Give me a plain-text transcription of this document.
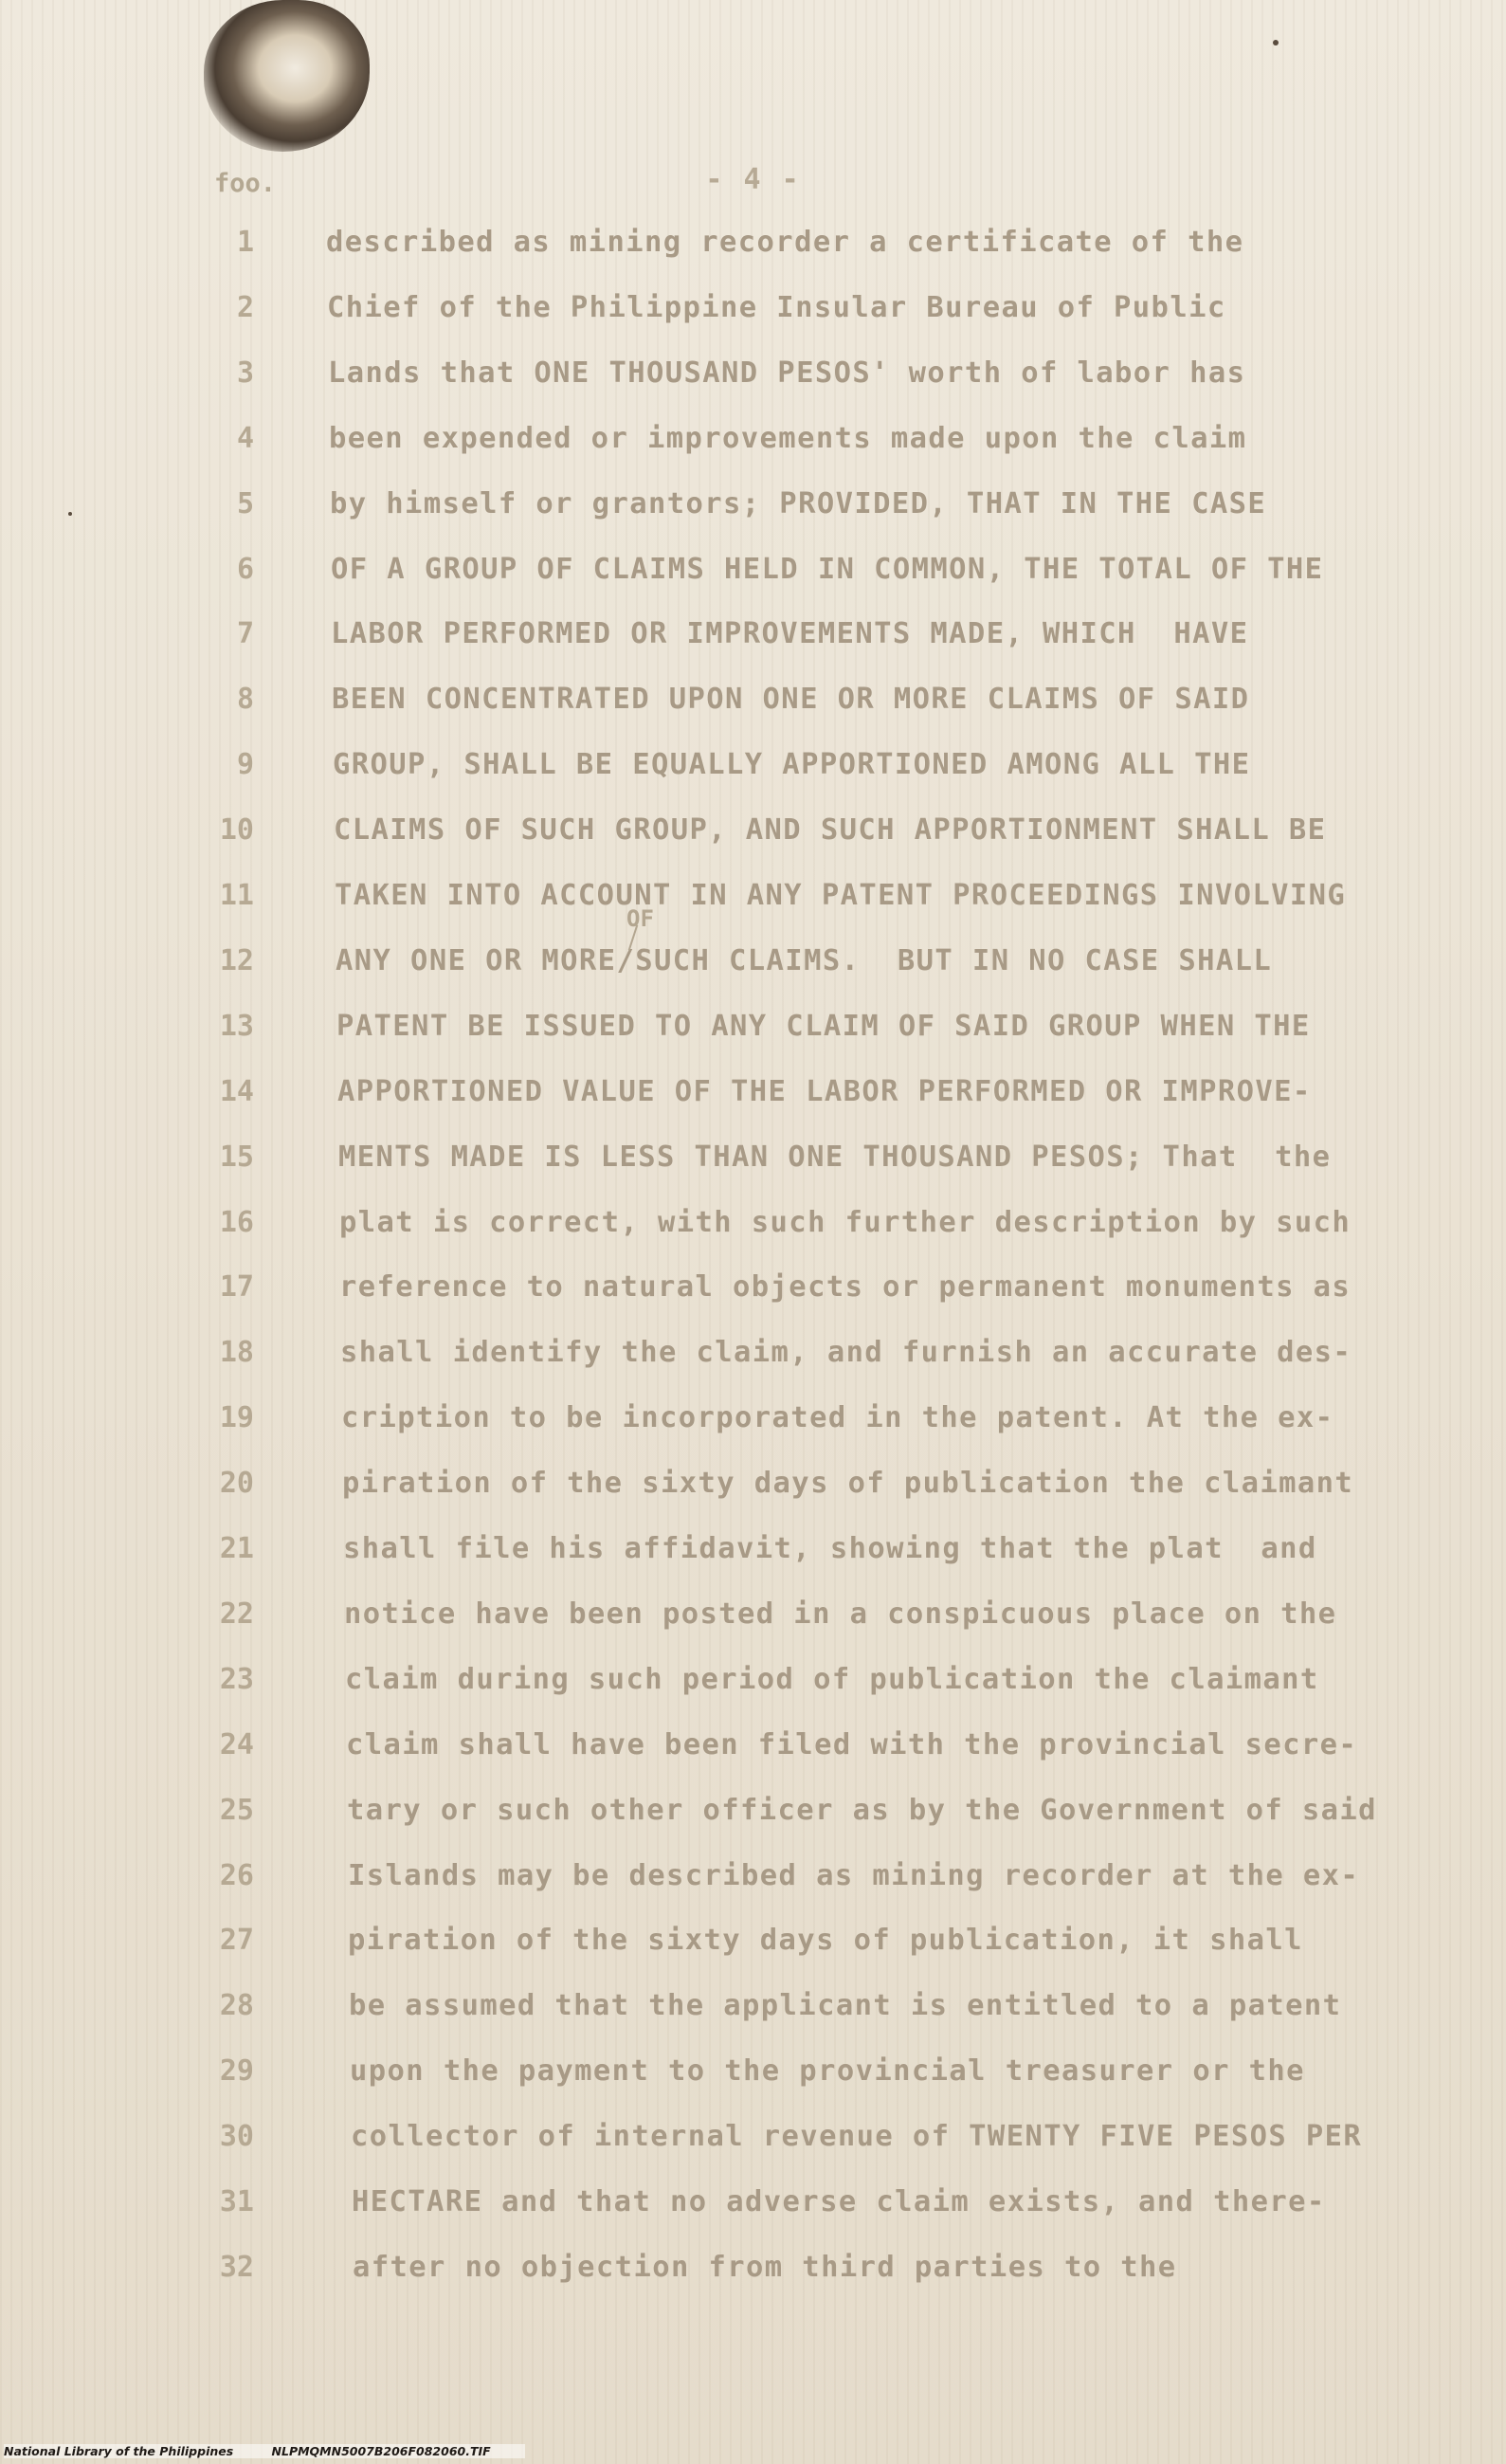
foo.	- 4 -
1 described as mining recorder a certificate of the
2	Chief of the Philippine Insular Bureau of Public
3	Lands that ONE THOUSAND PESOS' worth of labor has
4	been expended or improvements made upon the claim
5	by himself or grantors; PROVIDED, THAT IN THE CASE
6	OF A GROUP OF CLAIMS HELD IN COMMON, THE TOTAL OF THE
7	LABOR PERFORMED OR IMPROVEMENTS MADE, WHICH  HAVE
8	BEEN CONCENTRATED UPON ONE OR MORE CLAIMS OF SAID
9	GROUP, SHALL BE EQUALLY APPORTIONED AMONG ALL THE
10	CLAIMS OF SUCH GROUP, AND SUCH APPORTIONMENT SHALL BE
11	TAKEN INTO ACCOUNT IN ANY PATENT PROCEEDINGS INVOLVING
12	ANY ONE OR MORE/SUCH CLAIMS.  BUT IN NO CASE SHALL
13	PATENT BE ISSUED TO ANY CLAIM OF SAID GROUP WHEN THE
14	APPORTIONED VALUE OF THE LABOR PERFORMED OR IMPROVE-
15	MENTS MADE IS LESS THAN ONE THOUSAND PESOS; That  the
16	plat is correct, with such further description by such
17	reference to natural objects or permanent monuments as
18	shall identify the claim, and furnish an accurate des-
19	cription to be incorporated in the patent. At the ex-
20	piration of the sixty days of publication the claimant
21	shall file his affidavit, showing that the plat  and
22	notice have been posted in a conspicuous place on the
23	claim during such period of publication the claimant
24	claim shall have been filed with the provincial secre-
25	tary or such other officer as by the Government of said
26	Islands may be described as mining recorder at the ex-
27	piration of the sixty days of publication, it shall
28	be assumed that the applicant is entitled to a patent
29	upon the payment to the provincial treasurer or the
30	collector of internal revenue of TWENTY FIVE PESOS PER
31	HECTARE and that no adverse claim exists, and there-
32	after no objection from third parties to the
OF
National Library of the Philippines	NLPMQMN5007B206F082060.TIF
